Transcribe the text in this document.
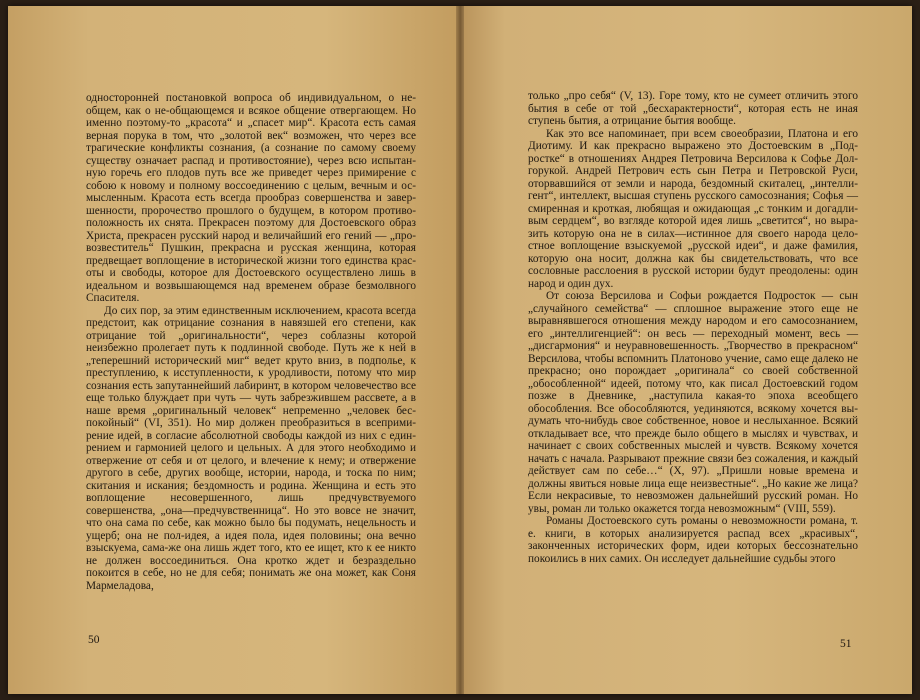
односторонней постановкой вопроса об индивидуальном, о не-общем, как о не-общающемся и всякое общение отвергающем. Но именно поэтому-то „красота“ и „спасет мир“. Красота есть самая верная порука в том, что „золотой век“ возможен, что через все трагические конфликты сознания, (а сознание по самому своему существу означает распад и противостояние), через всю испытанную горечь его плодов путь все же приведет через примирение с собою к новому и полному воссоединению с целым, вечным и осмысленным. Красота есть всегда прообраз совершенства и завершенности, пророчество прошлого о будущем, в котором противоположность их снята. Прекрасен поэтому для Достоевского образ Христа, прекрасен русский народ и величайший его гений — „провозвеститель“ Пушкин, прекрасна и русская женщина, которая предвещает воплощение в исторической жизни того единства красоты и свободы, которое для Достоевского осуществлено лишь в идеальном и возвышающемся над временем образе безмолвного Спасителя.

До сих пор, за этим единственным исключением, красота всегда предстоит, как отрицание сознания в навязшей его степени, как отрицание той „оригинальности“, через соблазны которой неизбежно пролегает путь к подлинной свободе. Путь же к ней в „теперешний исторический миг“ ведет круто вниз, в подполье, к преступлению, к исступленности, к уродливости, потому что мир сознания есть запутаннейший лабиринт, в котором человечество все еще только блуждает при чуть — чуть забрезжившем рассвете, а в наше время „оригинальный человек“ непременно „человек беспокойный“ (VI, 351). Но мир должен преобразиться в всепримирение идей, в согласие абсолютной свободы каждой из них с единрением и гармонией целого и цельных. А для этого необходимо и отвержение от себя и от целого, и влечение к нему; и отвержение другого в себе, других вообще, истории, народа, и тоска по ним; скитания и искания; бездомность и родина. Женщина и есть это воплощение несовершенного, лишь предчувствуемого совершенства, „она—предчувственница“. Но это вовсе не значит, что она сама по себе, как можно было бы подумать, нецельность и ущерб; она не пол-идея, а идея пола, идея половины; она вечно взыскуема, сама-же она лишь ждет того, кто ее ищет, кто к ее никто не должен воссоединиться. Она кротко ждет и безраздельно покоится в себе, но не для себя; понимать же она может, как Соня Мармеладова,

50

только „про себя“ (V, 13). Горе тому, кто не сумеет отличить этого бытия в себе от той „бесхарактерности“, которая есть не иная ступень бытия, а отрицание бытия вообще.

Как это все напоминает, при всем своеобразии, Платона и его Диотиму. И как прекрасно выражено это Достоевским в „Подростке“ в отношениях Андрея Петровича Версилова к Софье Долгорукой. Андрей Петрович есть сын Петра и Петровской Руси, оторвавшийся от земли и народа, бездомный скиталец, „интеллигент“, интеллект, высшая ступень русского самосознания; Софья — смиренная и кроткая, любящая и ожидающая „с тонким и догадливым сердцем“, во взгляде которой идея лишь „светится“, но выразить которую она не в силах—истинное для своего народа целостное воплощение взыскуемой „русской идеи“, и даже фамилия, которую она носит, должна как бы свидетельствовать, что все сословные расслоения в русской истории будут преодолены: один народ и один дух.

От союза Версилова и Софьи рождается Подросток — сын „случайного семейства“ — сплошное выражение этого еще не выравнявшегося отношения между народом и его самосознанием, его „интеллигенцией“: он весь — переходный момент, весь — „дисгармония“ и неуравновешенность. „Творчество в прекрасном“ Версилова, чтобы вспомнить Платоново учение, само еще далеко не прекрасно; оно порождает „оригинала“ со своей собственной „обособленной“ идеей, потому что, как писал Достоевский годом позже в Дневнике, „наступила какая-то эпоха всеобщего обособления. Все обособляются, уединяются, всякому хочется выдумать что-нибудь свое собственное, новое и неслыханное. Всякий откладывает все, что прежде было общего в мыслях и чувствах, и начинает с своих собственных мыслей и чувств. Всякому хочется начать с начала. Разрывают прежние связи без сожаления, и каждый действует сам по себе…“ (X, 97). „Пришли новые времена и должны явиться новые лица еще неизвестные“. „Но какие же лица? Если некрасивые, то невозможен дальнейший русский роман. Но увы, роман ли только окажется тогда невозможным“ (VIII, 559).

Романы Достоевского суть романы о невозможности романа, т. е. книги, в которых анализируется распад всех „красивых“, законченных исторических форм, идеи которых бессознательно покоились в них самих. Он исследует дальнейшие судьбы этого

51
